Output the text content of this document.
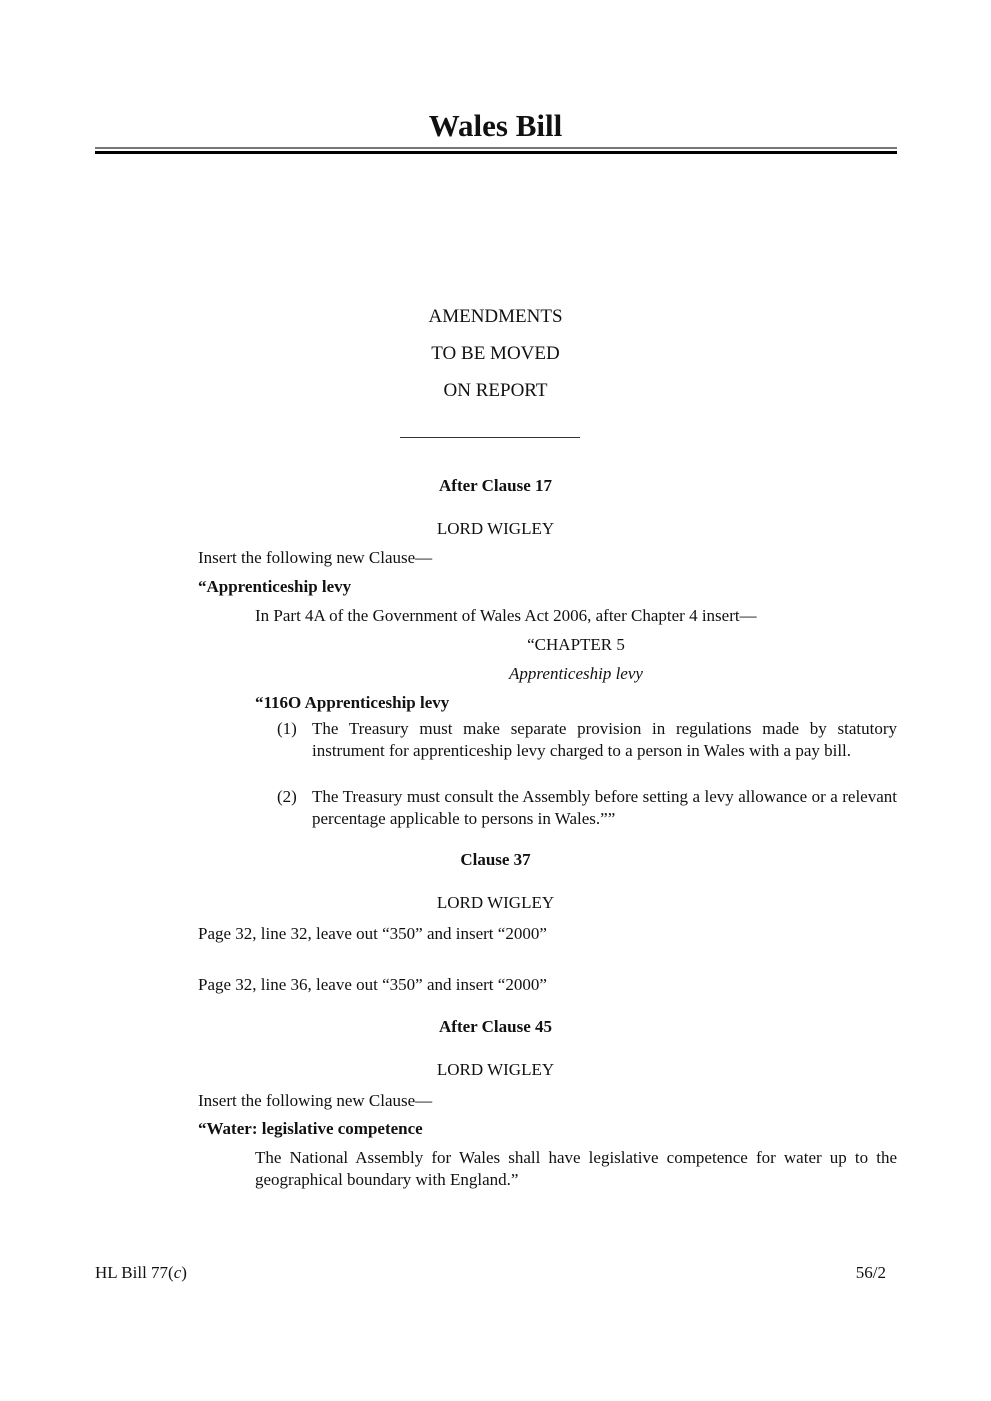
Wales Bill
AMENDMENTS
TO BE MOVED
ON REPORT
After Clause 17
LORD WIGLEY
Insert the following new Clause—
“Apprenticeship levy
In Part 4A of the Government of Wales Act 2006, after Chapter 4 insert—
“CHAPTER 5
Apprenticeship levy
“116O Apprenticeship levy
(1) The Treasury must make separate provision in regulations made by statutory instrument for apprenticeship levy charged to a person in Wales with a pay bill.
(2) The Treasury must consult the Assembly before setting a levy allowance or a relevant percentage applicable to persons in Wales.””
Clause 37
LORD WIGLEY
Page 32, line 32, leave out “350” and insert “2000”
Page 32, line 36, leave out “350” and insert “2000”
After Clause 45
LORD WIGLEY
Insert the following new Clause—
“Water: legislative competence
The National Assembly for Wales shall have legislative competence for water up to the geographical boundary with England.”
HL Bill 77(c)	56/2
